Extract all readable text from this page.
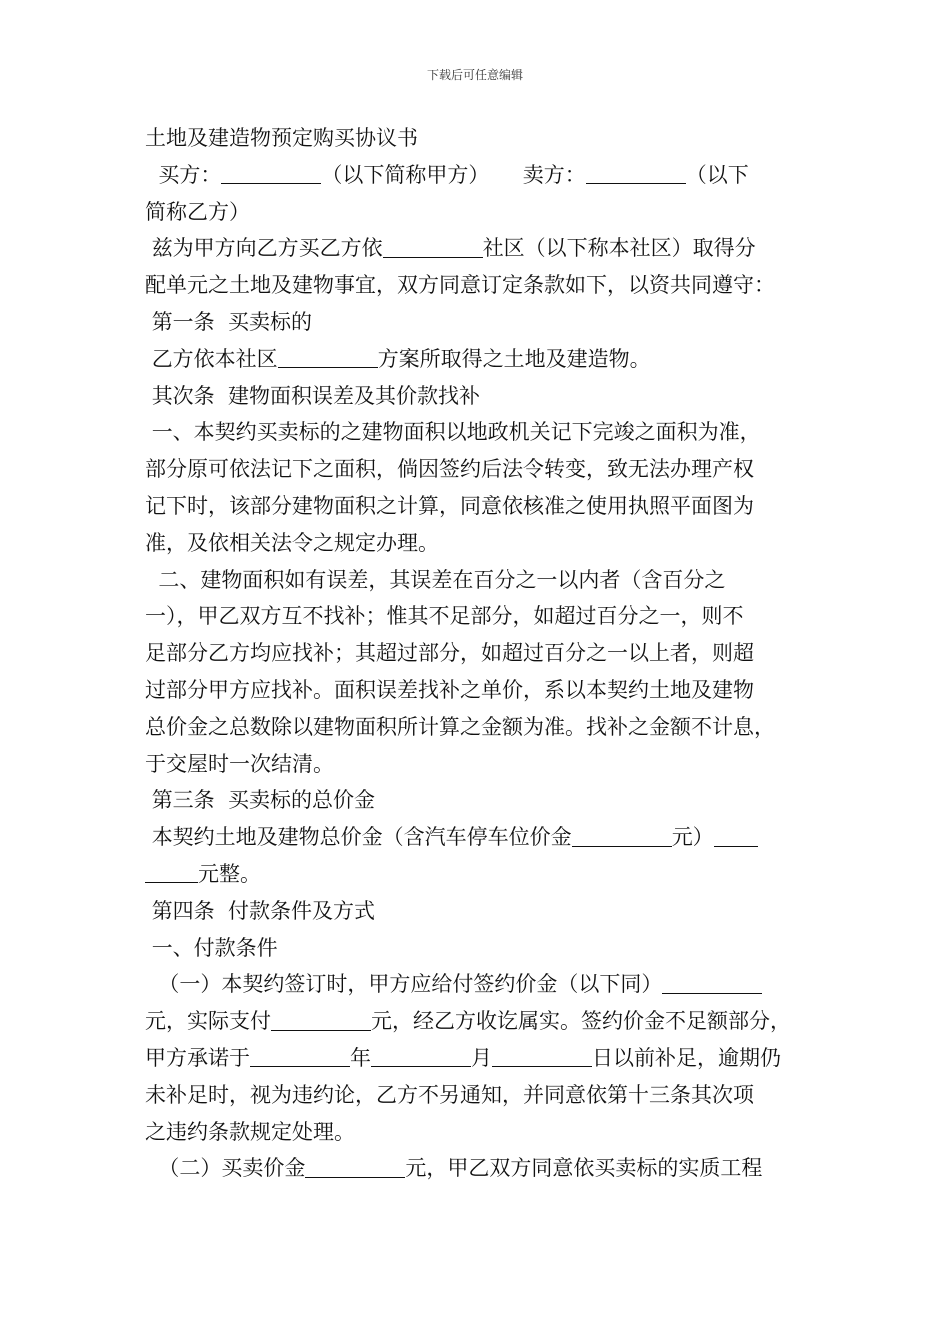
下载后可任意编辑

土地及建造物预定购买协议书

买方：	（以下简称甲方）     卖方：	（以下

简称乙方）

兹为甲方向乙方买乙方依	社区（以下称本社区）取得分

配单元之土地及建物事宜，双方同意订定条款如下，以资共同遵守：

第一条  买卖标的

乙方依本社区	方案所取得之土地及建造物。

其次条  建物面积误差及其价款找补

一、本契约买卖标的之建物面积以地政机关记下完竣之面积为准，

部分原可依法记下之面积，倘因签约后法令转变，致无法办理产权

记下时，该部分建物面积之计算，同意依核准之使用执照平面图为

准，及依相关法令之规定办理。

二、建物面积如有误差，其误差在百分之一以内者（含百分之

一），甲乙双方互不找补；惟其不足部分，如超过百分之一，则不

足部分乙方均应找补；其超过部分，如超过百分之一以上者，则超

过部分甲方应找补。面积误差找补之单价，系以本契约土地及建物

总价金之总数除以建物面积所计算之金额为准。找补之金额不计息，

于交屋时一次结清。

第三条  买卖标的总价金

本契约土地及建物总价金（含汽车停车位价金	元）

元整。

第四条  付款条件及方式

一、付款条件

（一）本契约签订时，甲方应给付签约价金（以下同）

元，实际支付	元，经乙方收讫属实。签约价金不足额部分，

甲方承诺于	年	月	日以前补足，逾期仍

未补足时，视为违约论，乙方不另通知，并同意依第十三条其次项

之违约条款规定处理。

（二）买卖价金	元，甲乙双方同意依买卖标的实质工程
